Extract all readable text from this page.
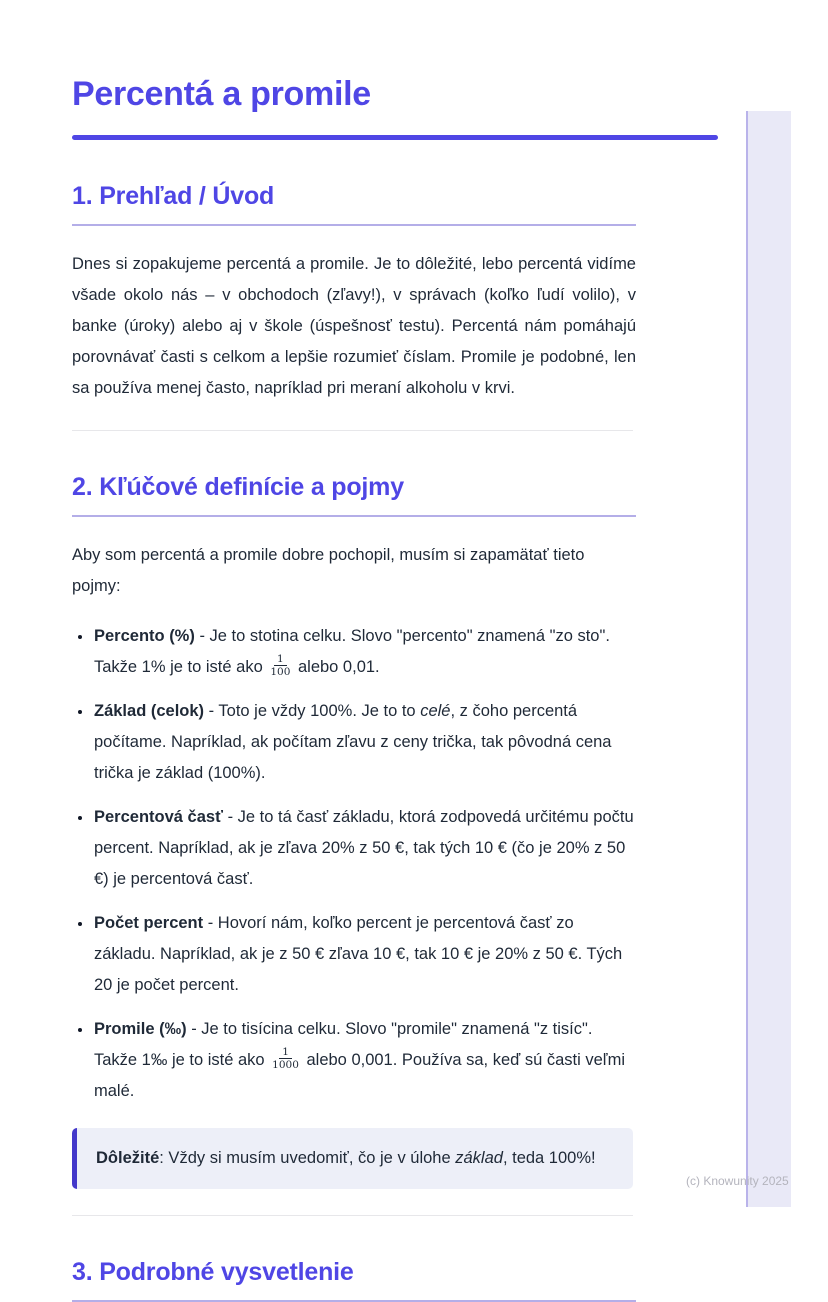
Percentá a promile
1. Prehľad / Úvod

Dnes si zopakujeme percentá a promile. Je to dôležité, lebo percentá vidíme všade okolo nás – v obchodoch (zľavy!), v správach (koľko ľudí volilo), v banke (úroky) alebo aj v škole (úspešnosť testu). Percentá nám pomáhajú porovnávať časti s celkom a lepšie rozumieť číslam. Promile je podobné, len sa používa menej často, napríklad pri meraní alkoholu v krvi.

2. Kľúčové definície a pojmy

Aby som percentá a promile dobre pochopil, musím si zapamätať tieto pojmy:

• Percento (%) - Je to stotina celku. Slovo "percento" znamená "zo sto". Takže 1% je to isté ako $\frac{1}{100}$ alebo 0,01.
• Základ (celok) - Toto je vždy 100%. Je to to celé, z čoho percentá počítame. Napríklad, ak počítam zľavu z ceny trička, tak pôvodná cena trička je základ (100%).
• Percentová časť - Je to tá časť základu, ktorá zodpovedá určitému počtu percent. Napríklad, ak je zľava 20% z 50 €, tak tých 10 € (čo je 20% z 50 €) je percentová časť.
• Počet percent - Hovorí nám, koľko percent je percentová časť zo základu. Napríklad, ak je z 50 € zľava 10 €, tak 10 € je 20% z 50 €. Tých 20 je počet percent.
• Promile (‰) - Je to tisícina celku. Slovo "promile" znamená "z tisíc". Takže 1‰ je to isté ako $\frac{1}{1000}$ alebo 0,001. Používa sa, keď sú časti veľmi malé.
Dôležité: Vždy si musím uvedomiť, čo je v úlohe základ, teda 100%!
3. Podrobné vysvetlenie
(c) Knowunity 2025
